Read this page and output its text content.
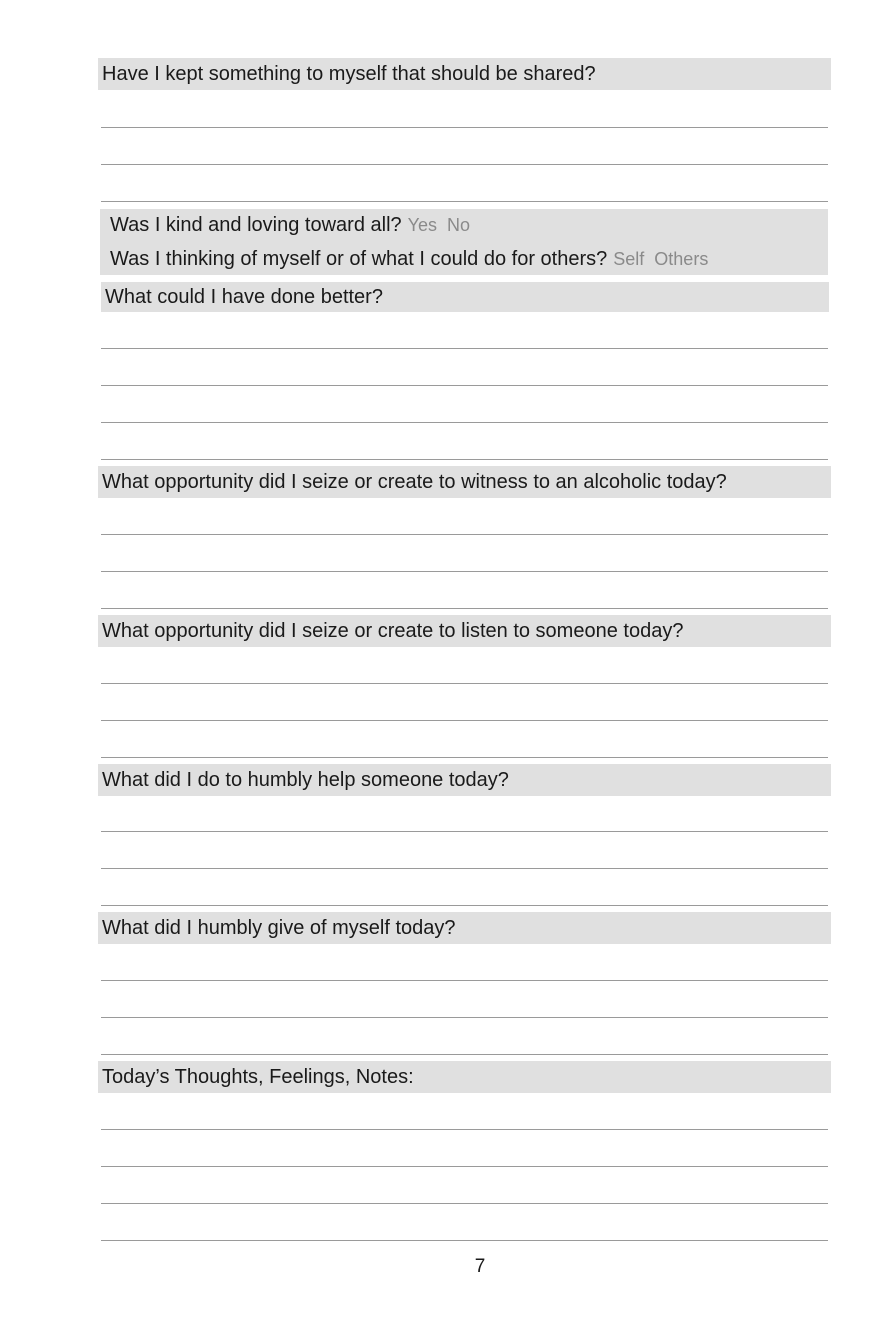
Have I kept something to myself that should be shared?
Was I kind and loving toward all? Yes No
Was I thinking of myself or of what I could do for others? Self Others
What could I have done better?
What opportunity did I seize or create to witness to an alcoholic today?
What opportunity did I seize or create to listen to someone today?
What did I do to humbly help someone today?
What did I humbly give of myself today?
Today’s Thoughts, Feelings, Notes:
7
